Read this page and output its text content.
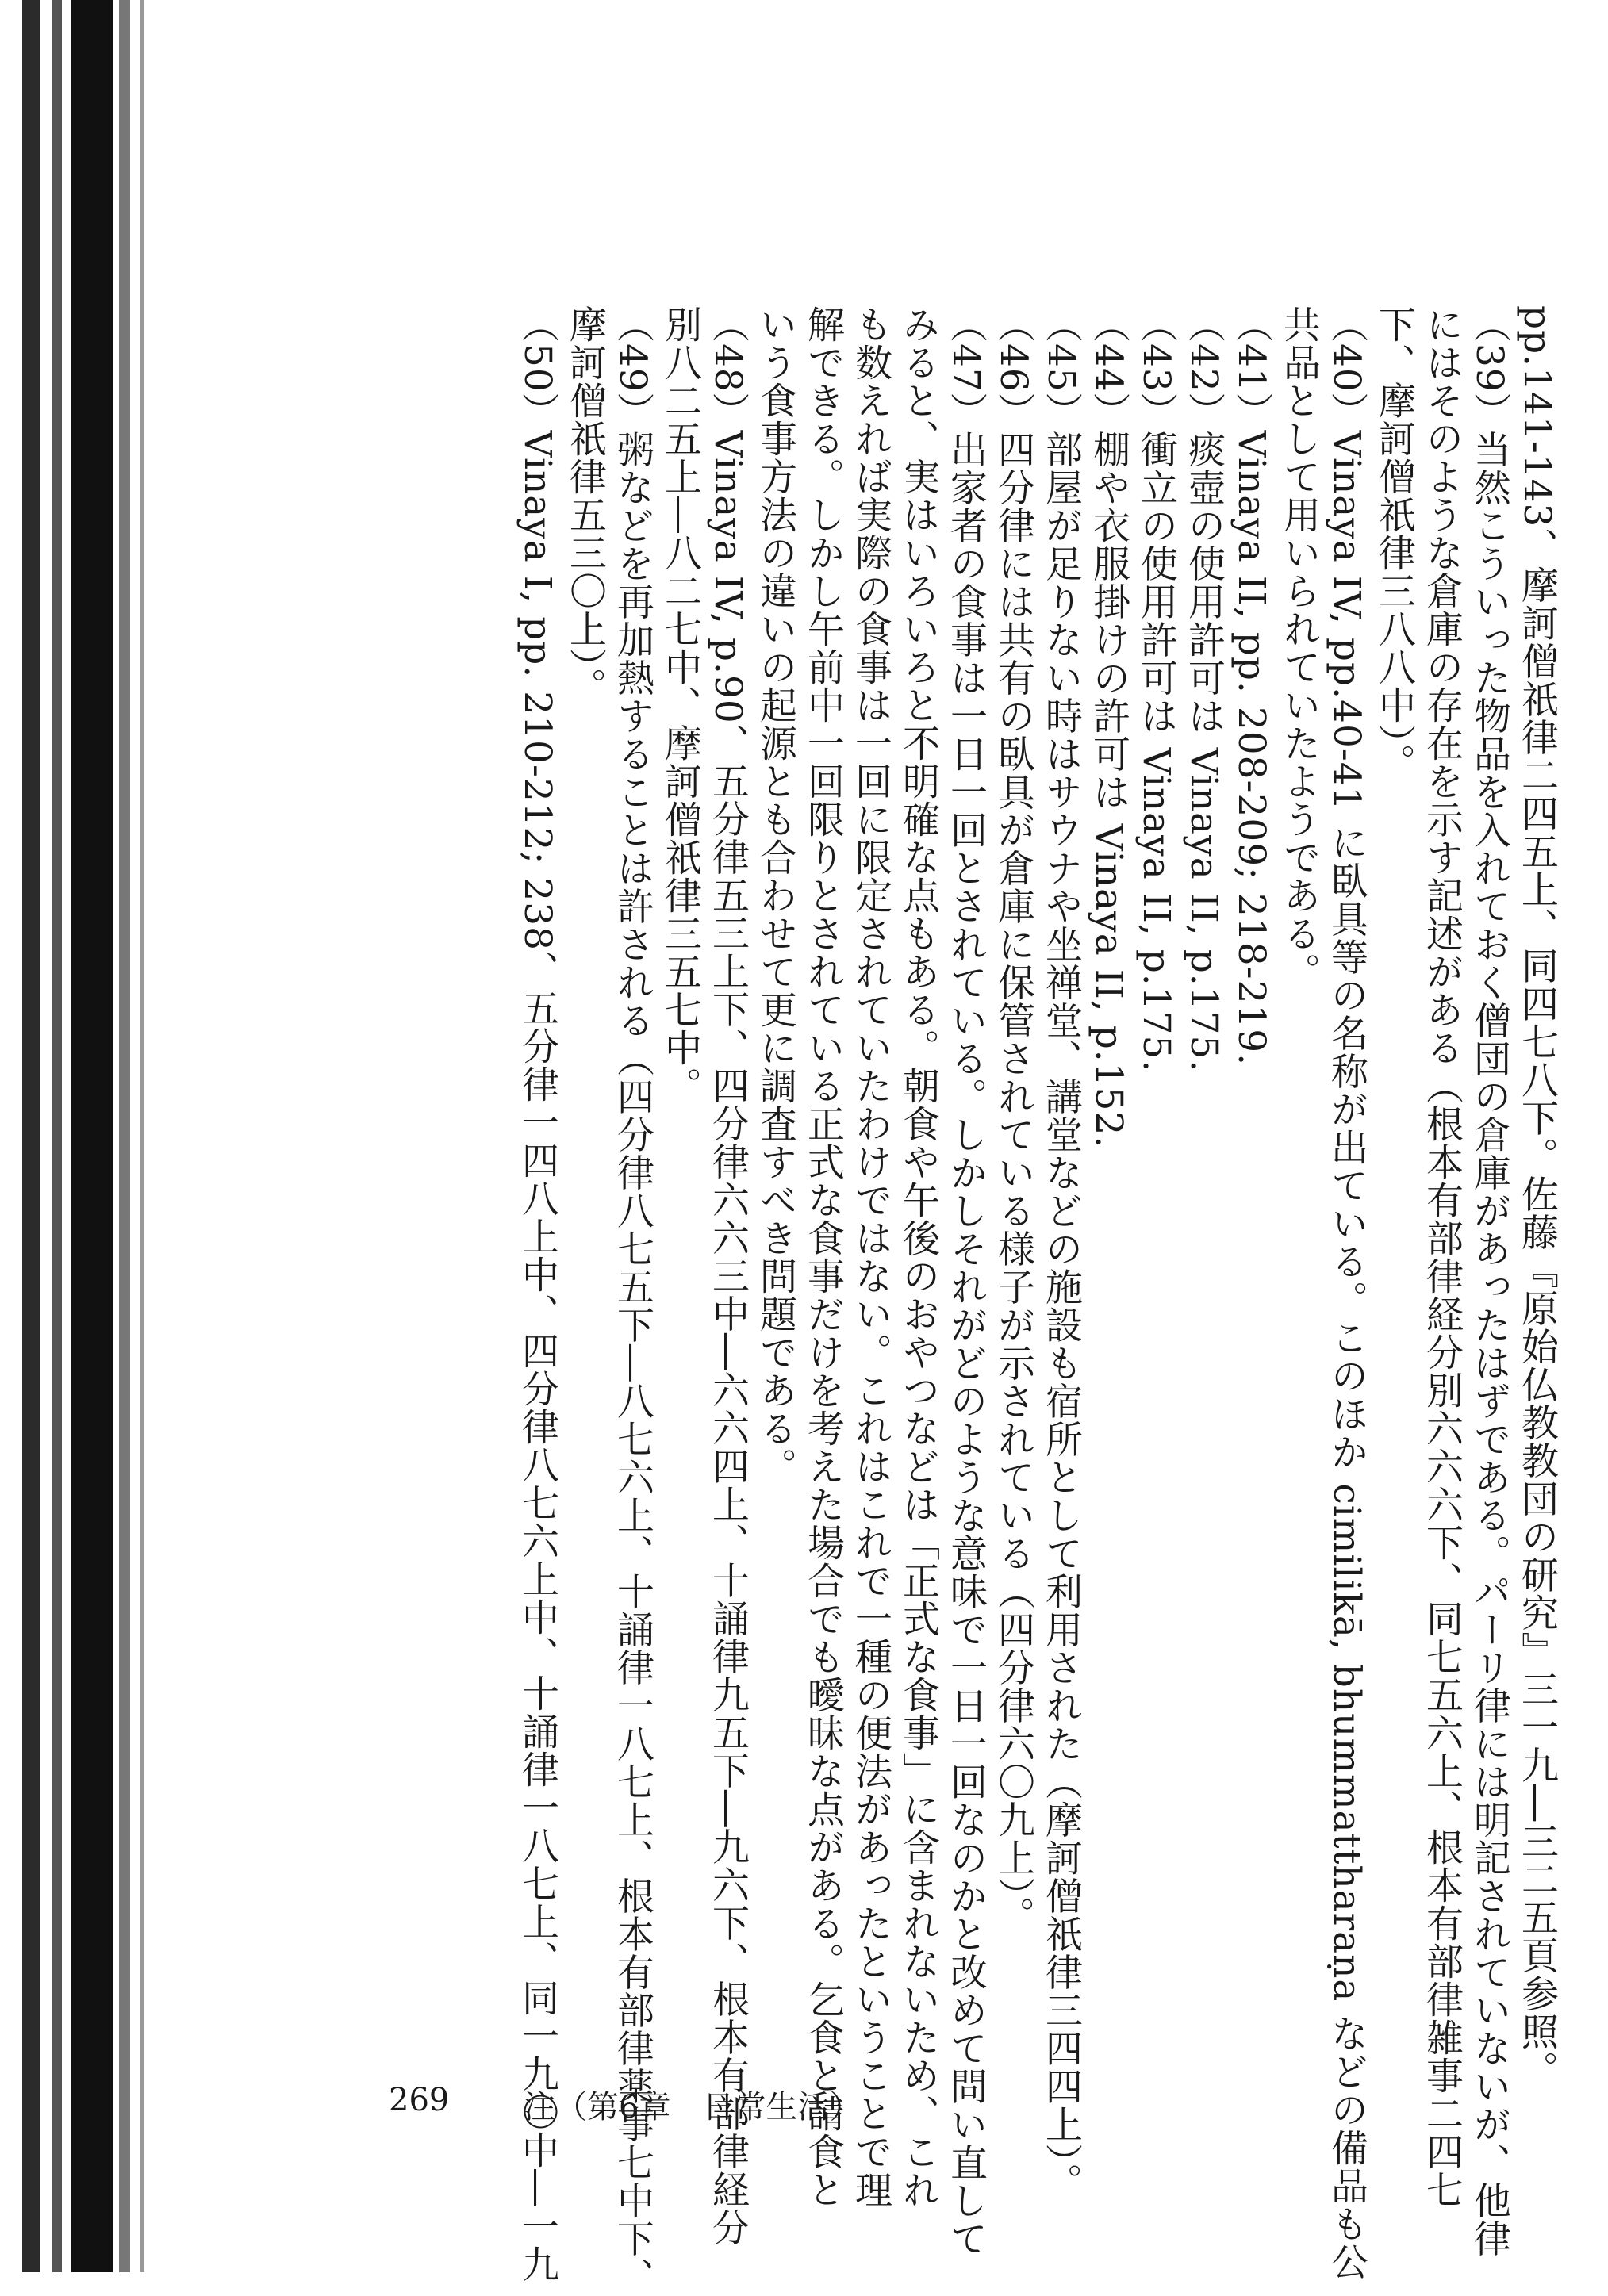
pp.141-143、摩訶僧祇律二四五上、同四七八下。佐藤『原始仏教教団の研究』三一九―三二五頁参照。
（39）当然こういった物品を入れておく僧団の倉庫があったはずである。パーリ律には明記されていないが、他律
にはそのような倉庫の存在を示す記述がある（根本有部律経分別六六六下、同七五六上、根本有部律雑事二四七
下、摩訶僧祇律三八八中）。
（40）Vinaya IV, pp.40-41 に臥具等の名称が出ている。このほか cimilikā, bhummattharaṇa などの備品も公
共品として用いられていたようである。
（41）Vinaya II, pp. 208-209; 218-219.
（42）痰壺の使用許可は Vinaya II, p.175.
（43）衝立の使用許可は Vinaya II, p.175.
（44）棚や衣服掛けの許可は Vinaya II, p.152.
（45）部屋が足りない時はサウナや坐禅堂、講堂などの施設も宿所として利用された（摩訶僧祇律三四四上）。
（46）四分律には共有の臥具が倉庫に保管されている様子が示されている（四分律六〇九上）。
（47）出家者の食事は一日一回とされている。しかしそれがどのような意味で一日一回なのかと改めて問い直して
みると、実はいろいろと不明確な点もある。朝食や午後のおやつなどは「正式な食事」に含まれないため、これ
も数えれば実際の食事は一回に限定されていたわけではない。これはこれで一種の便法があったということで理
解できる。しかし午前中一回限りとされている正式な食事だけを考えた場合でも曖昧な点がある。乞食と請食と
いう食事方法の違いの起源とも合わせて更に調査すべき問題である。
（48）Vinaya IV, p.90、五分律五三上下、四分律六六三中―六六四上、十誦律九五下―九六下、根本有部律経分
別八二五上―八二七中、摩訶僧祇律三五七中。
（49）粥などを再加熱することは許される（四分律八七五下―八七六上、十誦律一八七上、根本有部律薬事七中下、
摩訶僧祇律五三〇上）。
（50）Vinaya I, pp. 210-212; 238、五分律一四八上中、四分律八七六上中、十誦律一八七上、同一九〇中―一九
269 注（第6章　日常生活）
